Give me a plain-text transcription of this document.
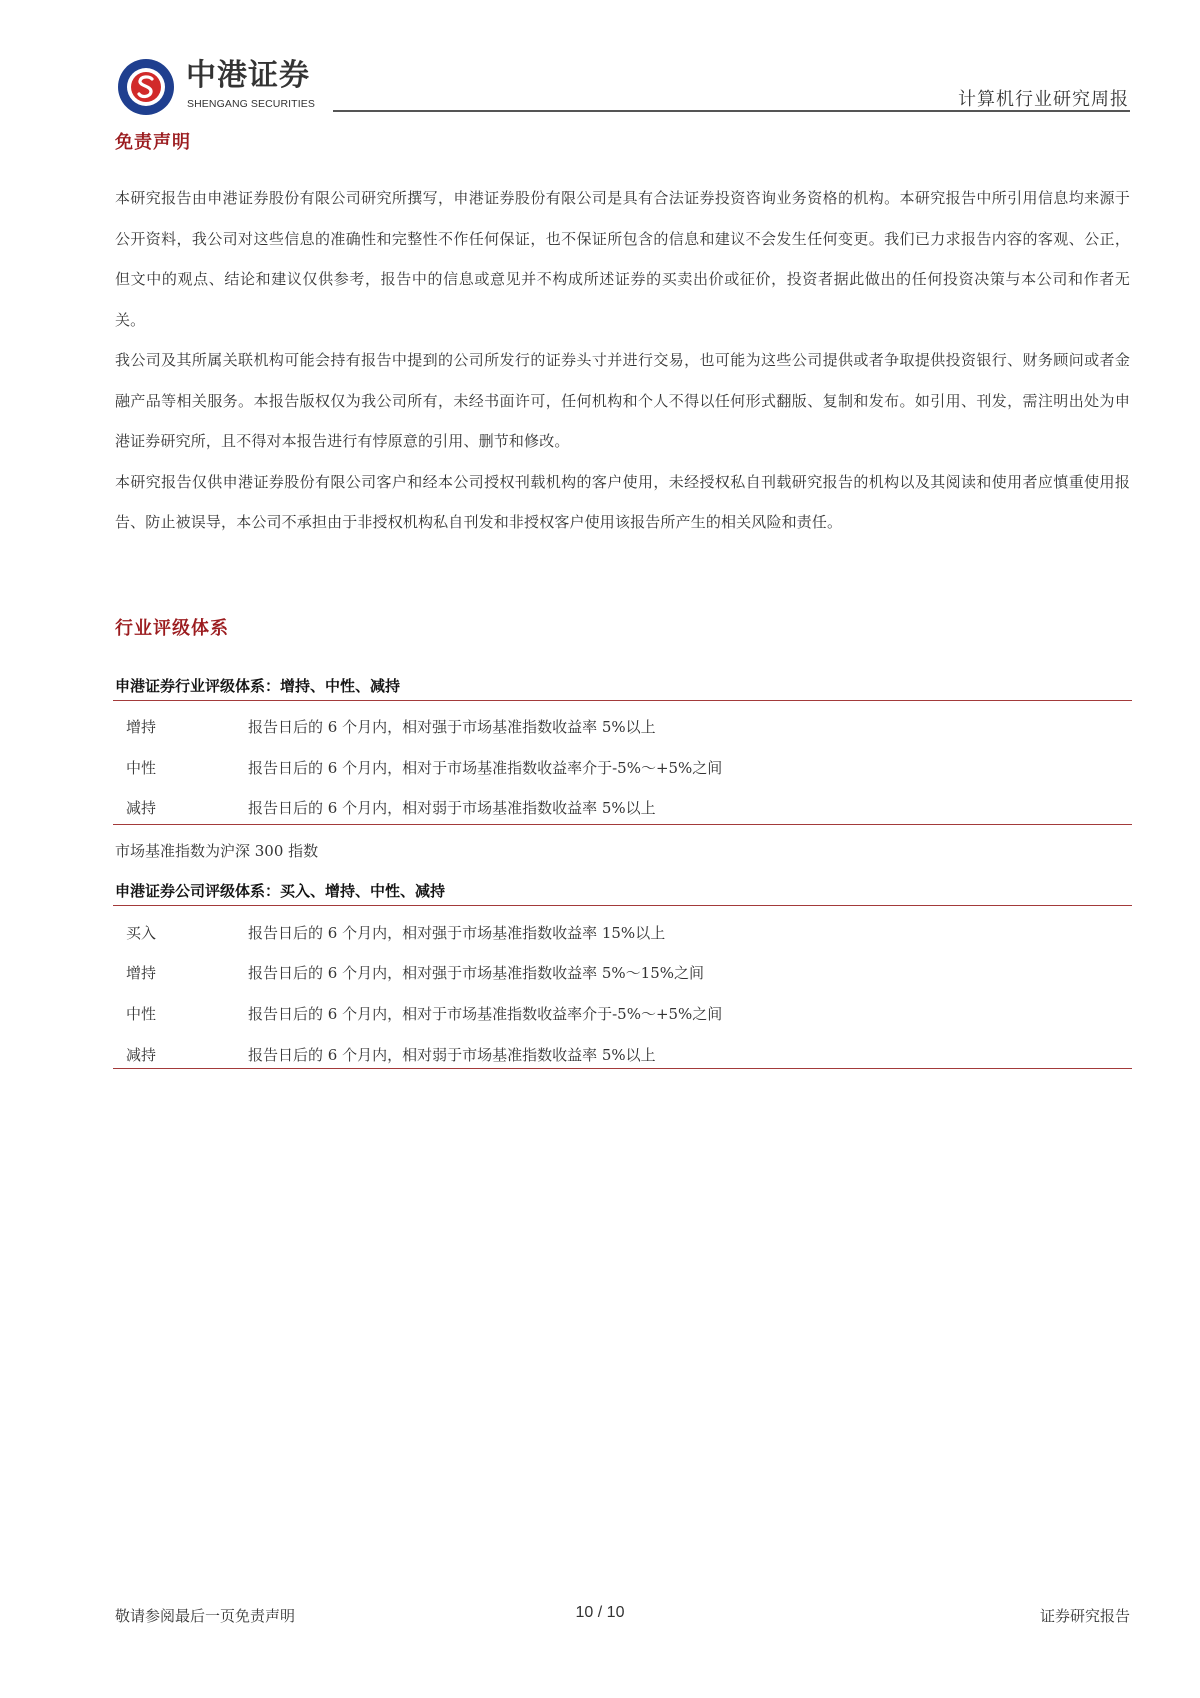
中港证券
SHENGANG SECURITIES	计算机行业研究周报
免责声明

本研究报告由申港证券股份有限公司研究所撰写，申港证券股份有限公司是具有合法证券投资咨询业务资格的机构。本研究报告中所引用信息均来源于公开资料，我公司对这些信息的准确性和完整性不作任何保证，也不保证所包含的信息和建议不会发生任何变更。我们已力求报告内容的客观、公正，但文中的观点、结论和建议仅供参考，报告中的信息或意见并不构成所述证券的买卖出价或征价，投资者据此做出的任何投资决策与本公司和作者无关。

我公司及其所属关联机构可能会持有报告中提到的公司所发行的证券头寸并进行交易，也可能为这些公司提供或者争取提供投资银行、财务顾问或者金融产品等相关服务。本报告版权仅为我公司所有，未经书面许可，任何机构和个人不得以任何形式翻版、复制和发布。如引用、刊发，需注明出处为申港证券研究所，且不得对本报告进行有悖原意的引用、删节和修改。

本研究报告仅供申港证券股份有限公司客户和经本公司授权刊载机构的客户使用，未经授权私自刊载研究报告的机构以及其阅读和使用者应慎重使用报告、防止被误导，本公司不承担由于非授权机构私自刊发和非授权客户使用该报告所产生的相关风险和责任。

行业评级体系
申港证券行业评级体系：增持、中性、减持
增持	报告日后的 6 个月内，相对强于市场基准指数收益率 5%以上
中性	报告日后的 6 个月内，相对于市场基准指数收益率介于-5%～+5%之间
减持	报告日后的 6 个月内，相对弱于市场基准指数收益率 5%以上
市场基准指数为沪深 300 指数
申港证券公司评级体系：买入、增持、中性、减持
买入	报告日后的 6 个月内，相对强于市场基准指数收益率 15%以上
增持	报告日后的 6 个月内，相对强于市场基准指数收益率 5%～15%之间
中性	报告日后的 6 个月内，相对于市场基准指数收益率介于-5%～+5%之间
减持	报告日后的 6 个月内，相对弱于市场基准指数收益率 5%以上
敬请参阅最后一页免责声明	10 / 10	证券研究报告
